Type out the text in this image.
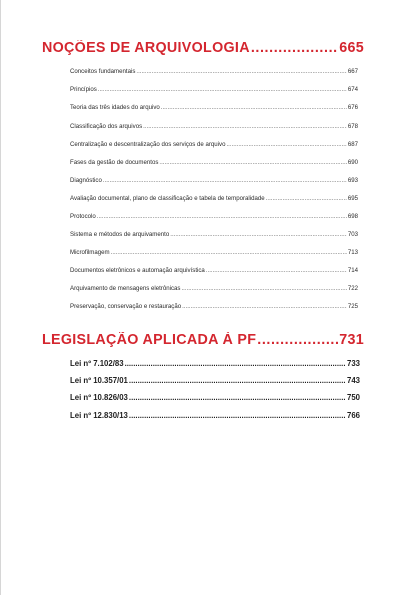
NOÇÕES DE ARQUIVOLOGIA .....	665
Conceitos fundamentais .....	667
Princípios .....	674
Teoria das três idades do arquivo .....	676
Classificação dos arquivos .....	678
Centralização e descentralização dos serviços de arquivo .....	687
Fases da gestão de documentos .....	690
Diagnóstico .....	693
Avaliação documental, plano de classificação e tabela de temporalidade .....	695
Protocolo .....	698
Sistema e métodos de arquivamento .....	703
Microfilmagem .....	713
Documentos eletrônicos e automação arquivística .....	714
Arquivamento de mensagens eletrônicas .....	722
Preservação, conservação e restauração .....	725
LEGISLAÇÃO APLICADA À PF .....	731
Lei nº 7.102/83 .....	733
Lei nº 10.357/01 .....	743
Lei nº 10.826/03 .....	750
Lei nº 12.830/13 .....	766
